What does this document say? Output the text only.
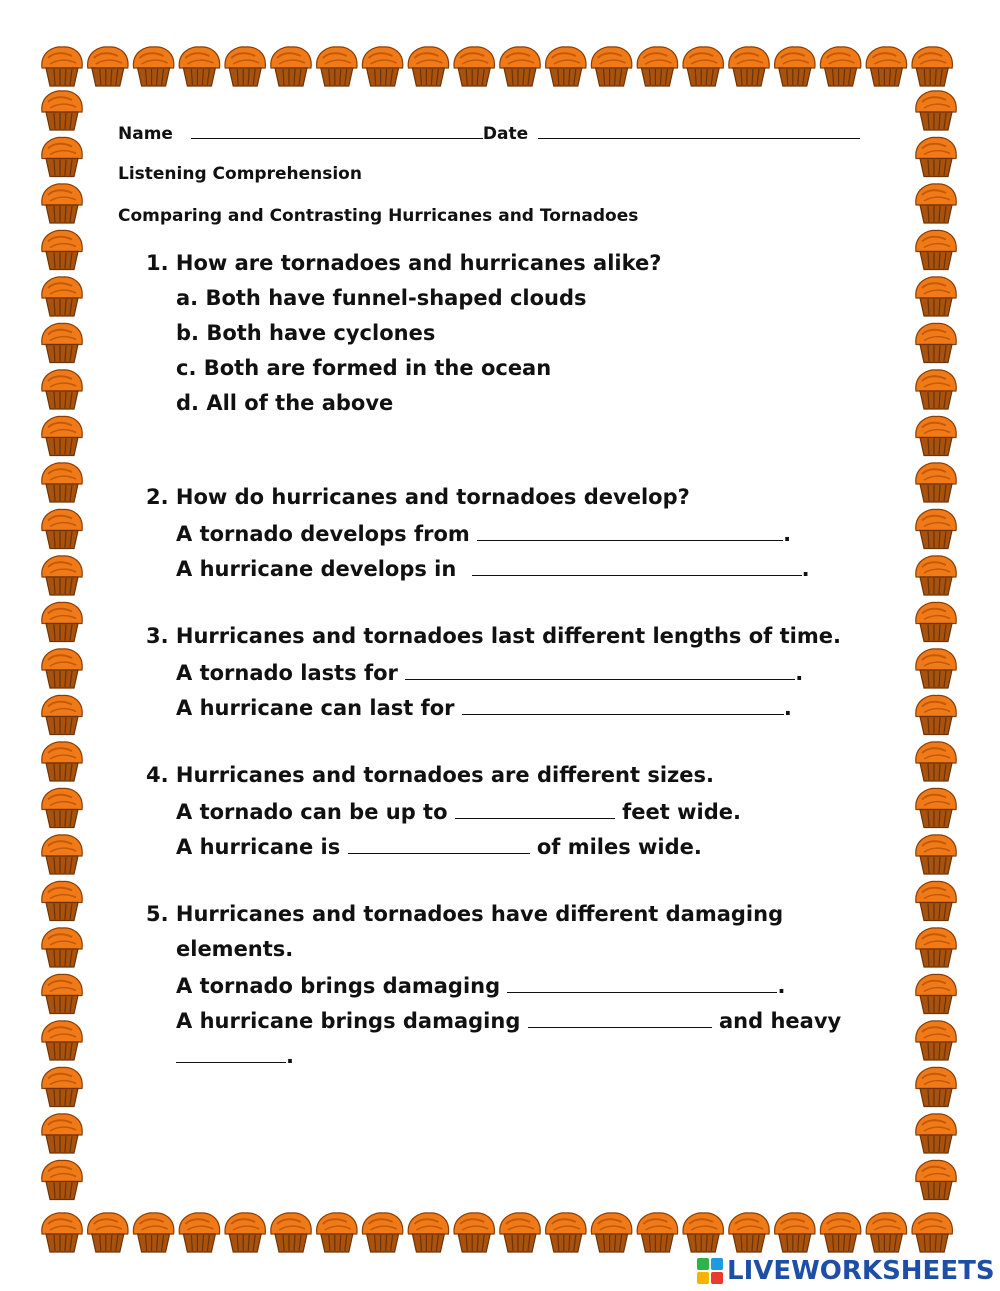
Name	Date
Listening Comprehension
Comparing and Contrasting Hurricanes and Tornadoes
1. How are tornadoes and hurricanes alike?
a. Both have funnel-shaped clouds
b. Both have cyclones
c. Both are formed in the ocean
d. All of the above
2. How do hurricanes and tornadoes develop?
A tornado develops from	.
A hurricane develops in	.
3. Hurricanes and tornadoes last different lengths of time.
A tornado lasts for	.
A hurricane can last for	.
4. Hurricanes and tornadoes are different sizes.
A tornado can be up to	feet wide.
A hurricane is	of miles wide.
5. Hurricanes and tornadoes have different damaging
elements.
A tornado brings damaging	.
A hurricane brings damaging	and heavy
.
LIVEWORKSHEETS
